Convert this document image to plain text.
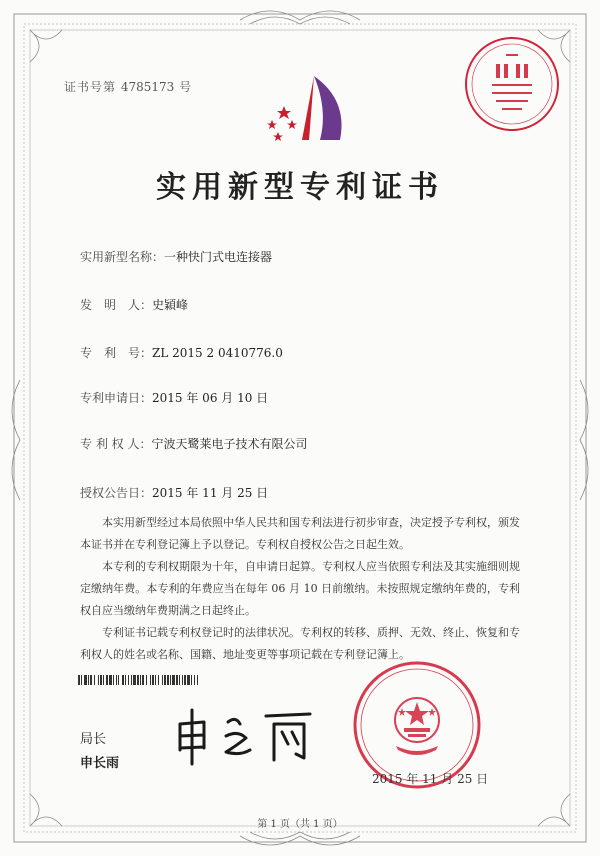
证书号第 4785173 号
实用新型专利证书
实用新型名称：一种快门式电连接器
发　明　人：史穎峰
专　利　号：ZL 2015 2 0410776.0
专利申请日：2015 年 06 月 10 日
专 利 权 人：宁波天鹭莱电子技术有限公司
授权公告日：2015 年 11 月 25 日

本实用新型经过本局依照中华人民共和国专利法进行初步审查，决定授予专利权，颁发本证书并在专利登记簿上予以登记。专利权自授权公告之日起生效。

本专利的专利权期限为十年，自申请日起算。专利权人应当依照专利法及其实施细则规定缴纳年费。本专利的年费应当在每年 06 月 10 日前缴纳。未按照规定缴纳年费的，专利权自应当缴纳年费期满之日起终止。

专利证书记载专利权登记时的法律状况。专利权的转移、质押、无效、终止、恢复和专利权人的姓名或名称、国籍、地址变更等事项记载在专利登记簿上。

局长
申长雨
2015 年 11 月 25 日
第 1 页（共 1 页）
